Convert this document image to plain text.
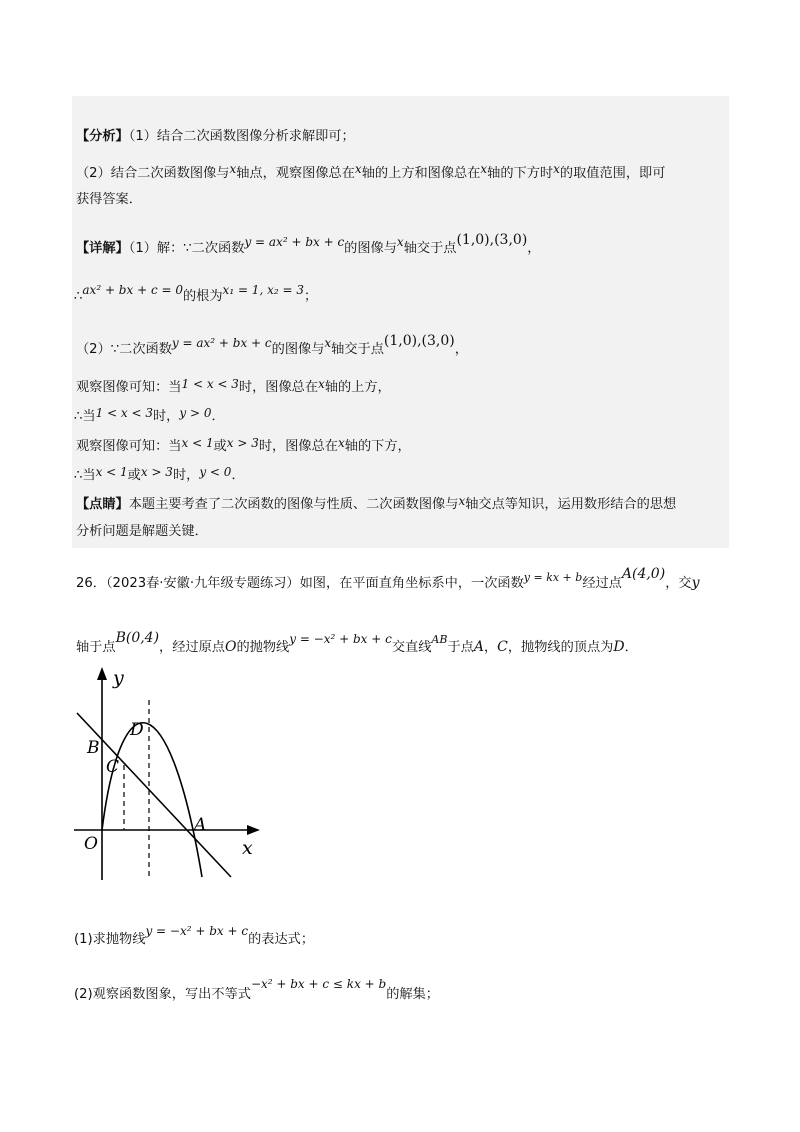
【分析】（1）结合二次函数图像分析求解即可；
（2）结合二次函数图像与x轴点，观察图像总在x轴的上方和图像总在x轴的下方时x的取值范围，即可
获得答案．
【详解】（1）解：∵二次函数y = ax² + bx + c的图像与x轴交于点(1,0),(3,0)，
∴ax² + bx + c = 0的根为x₁ = 1, x₂ = 3；
（2）∵二次函数y = ax² + bx + c的图像与x轴交于点(1,0),(3,0)，
观察图像可知：当1 < x < 3时，图像总在x轴的上方，
∴当1 < x < 3时，y > 0．
观察图像可知：当x < 1或x > 3时，图像总在x轴的下方，
∴当x < 1或x > 3时，y < 0．
【点睛】本题主要考查了二次函数的图像与性质、二次函数图像与x轴交点等知识，运用数形结合的思想
分析问题是解题关键．
26．（2023春·安徽·九年级专题练习）如图，在平面直角坐标系中，一次函数$^{y = kx + b}$经过点A(4,0)，交y
轴于点B(0,4)，经过原点O的抛物线y = −x² + bx + c交直线$^{AB}$于点A，C，抛物线的顶点为D．
y
x
O
A
B
C
D
(1)求抛物线y = −x² + bx + c的表达式；
(2)观察函数图象，写出不等式−x² + bx + c ≤ kx + b的解集；
